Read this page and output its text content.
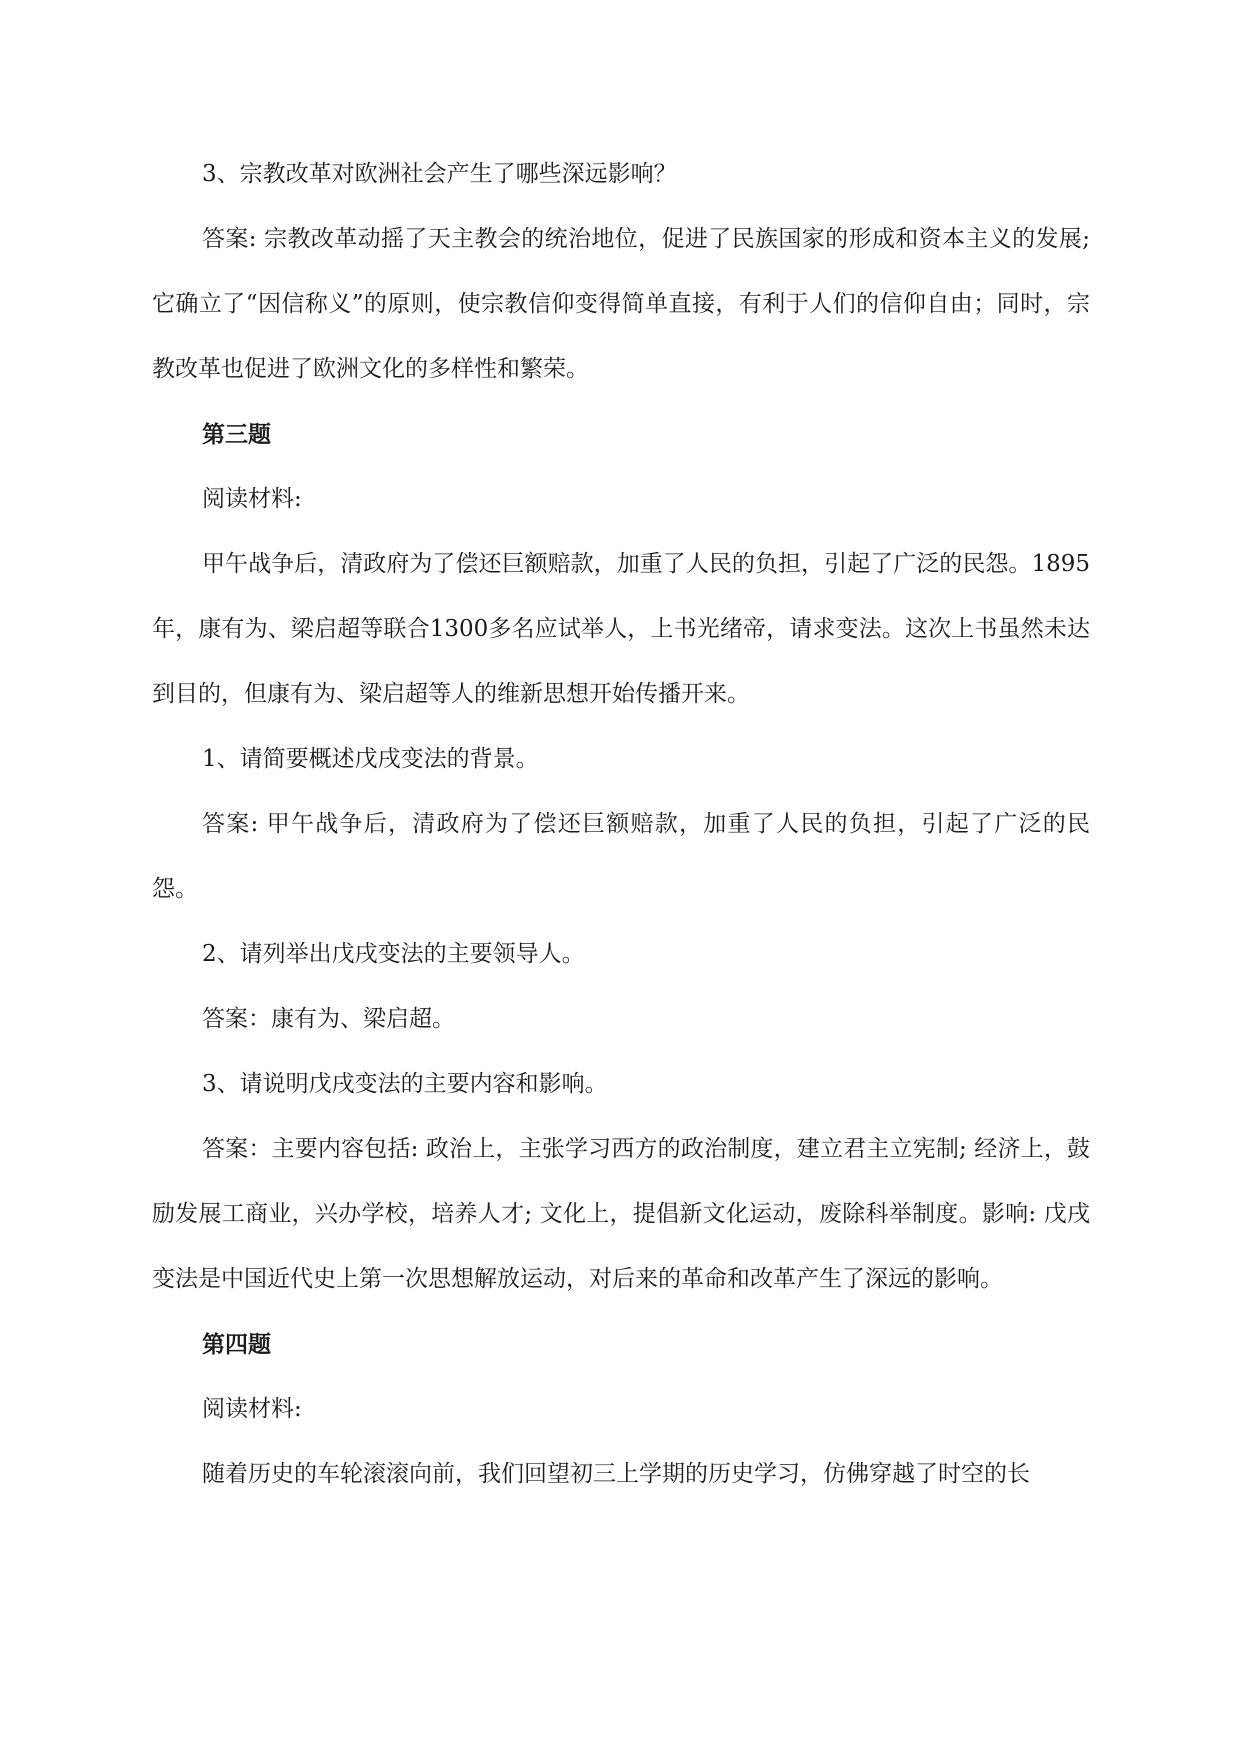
3、宗教改革对欧洲社会产生了哪些深远影响？

答案: 宗教改革动摇了天主教会的统治地位，促进了民族国家的形成和资本主义的发展; 它确立了“因信称义”的原则，使宗教信仰变得简单直接，有利于人们的信仰自由；同时，宗教改革也促进了欧洲文化的多样性和繁荣。

第三题

阅读材料:

甲午战争后，清政府为了偿还巨额赔款，加重了人民的负担，引起了广泛的民怨。1895年，康有为、梁启超等联合1300多名应试举人，上书光绪帝，请求变法。这次上书虽然未达到目的，但康有为、梁启超等人的维新思想开始传播开来。

1、请简要概述戊戌变法的背景。

答案: 甲午战争后，清政府为了偿还巨额赔款，加重了人民的负担，引起了广泛的民怨。

2、请列举出戊戌变法的主要领导人。

答案：康有为、梁启超。

3、请说明戊戌变法的主要内容和影响。

答案：主要内容包括: 政治上，主张学习西方的政治制度，建立君主立宪制; 经济上，鼓励发展工商业，兴办学校，培养人才; 文化上，提倡新文化运动，废除科举制度。影响: 戊戌变法是中国近代史上第一次思想解放运动，对后来的革命和改革产生了深远的影响。

第四题

阅读材料:

随着历史的车轮滚滚向前，我们回望初三上学期的历史学习，仿佛穿越了时空的长
